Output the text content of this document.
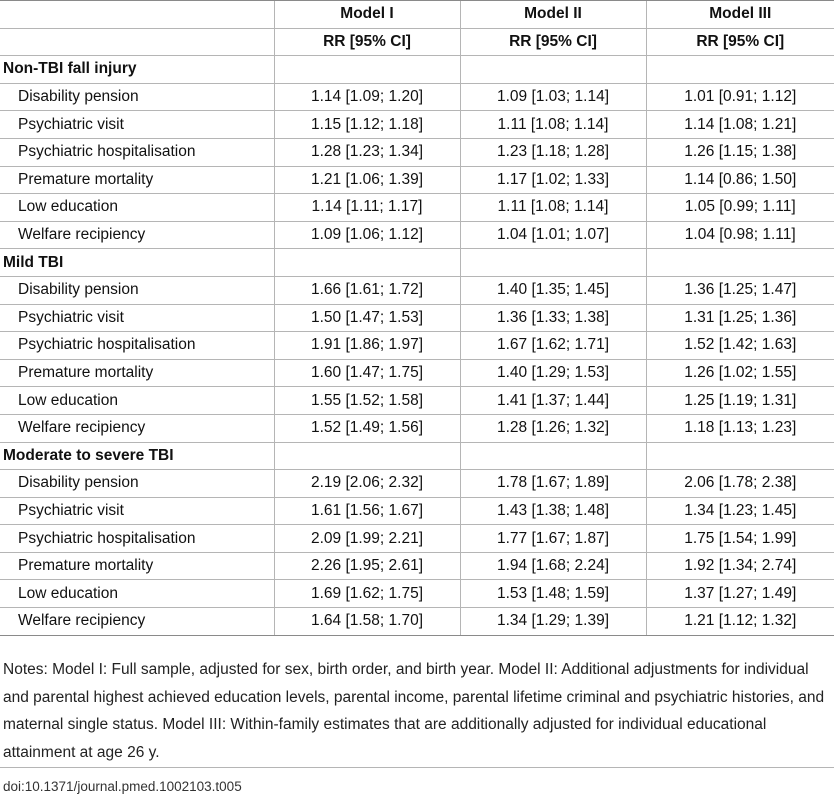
	Model I	Model II	Model III
	RR [95% CI]	RR [95% CI]	RR [95% CI]
Non-TBI fall injury			
Disability pension	1.14 [1.09; 1.20]	1.09 [1.03; 1.14]	1.01 [0.91; 1.12]
Psychiatric visit	1.15 [1.12; 1.18]	1.11 [1.08; 1.14]	1.14 [1.08; 1.21]
Psychiatric hospitalisation	1.28 [1.23; 1.34]	1.23 [1.18; 1.28]	1.26 [1.15; 1.38]
Premature mortality	1.21 [1.06; 1.39]	1.17 [1.02; 1.33]	1.14 [0.86; 1.50]
Low education	1.14 [1.11; 1.17]	1.11 [1.08; 1.14]	1.05 [0.99; 1.11]
Welfare recipiency	1.09 [1.06; 1.12]	1.04 [1.01; 1.07]	1.04 [0.98; 1.11]
Mild TBI			
Disability pension	1.66 [1.61; 1.72]	1.40 [1.35; 1.45]	1.36 [1.25; 1.47]
Psychiatric visit	1.50 [1.47; 1.53]	1.36 [1.33; 1.38]	1.31 [1.25; 1.36]
Psychiatric hospitalisation	1.91 [1.86; 1.97]	1.67 [1.62; 1.71]	1.52 [1.42; 1.63]
Premature mortality	1.60 [1.47; 1.75]	1.40 [1.29; 1.53]	1.26 [1.02; 1.55]
Low education	1.55 [1.52; 1.58]	1.41 [1.37; 1.44]	1.25 [1.19; 1.31]
Welfare recipiency	1.52 [1.49; 1.56]	1.28 [1.26; 1.32]	1.18 [1.13; 1.23]
Moderate to severe TBI			
Disability pension	2.19 [2.06; 2.32]	1.78 [1.67; 1.89]	2.06 [1.78; 2.38]
Psychiatric visit	1.61 [1.56; 1.67]	1.43 [1.38; 1.48]	1.34 [1.23; 1.45]
Psychiatric hospitalisation	2.09 [1.99; 2.21]	1.77 [1.67; 1.87]	1.75 [1.54; 1.99]
Premature mortality	2.26 [1.95; 2.61]	1.94 [1.68; 2.24]	1.92 [1.34; 2.74]
Low education	1.69 [1.62; 1.75]	1.53 [1.48; 1.59]	1.37 [1.27; 1.49]
Welfare recipiency	1.64 [1.58; 1.70]	1.34 [1.29; 1.39]	1.21 [1.12; 1.32]
Notes: Model I: Full sample, adjusted for sex, birth order, and birth year. Model II: Additional adjustments for individual and parental highest achieved education levels, parental income, parental lifetime criminal and psychiatric histories, and maternal single status. Model III: Within-family estimates that are additionally adjusted for individual educational attainment at age 26 y.
doi:10.1371/journal.pmed.1002103.t005
